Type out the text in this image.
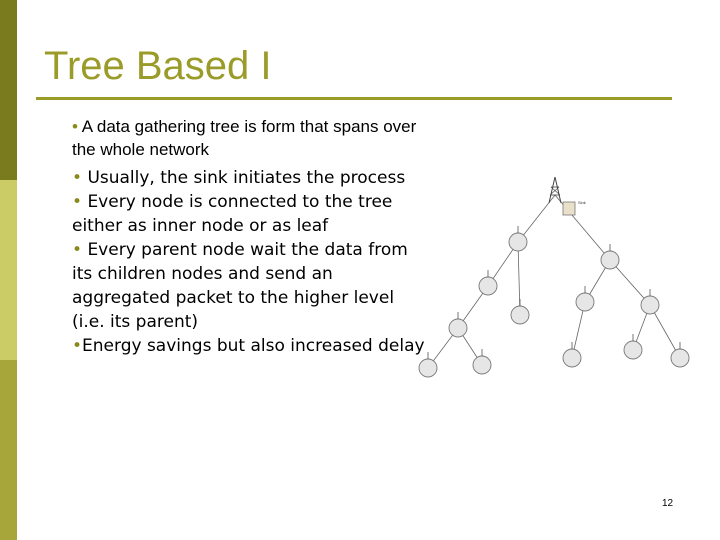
Tree Based I
• A data gathering tree is form that spans over the whole network
• Usually, the sink initiates the process
• Every node is connected to the tree either as inner node or as leaf
• Every parent node wait the data from its children nodes and send an aggregated packet to the higher level (i.e. its parent)
•Energy savings but also increased delay
Sink
12
